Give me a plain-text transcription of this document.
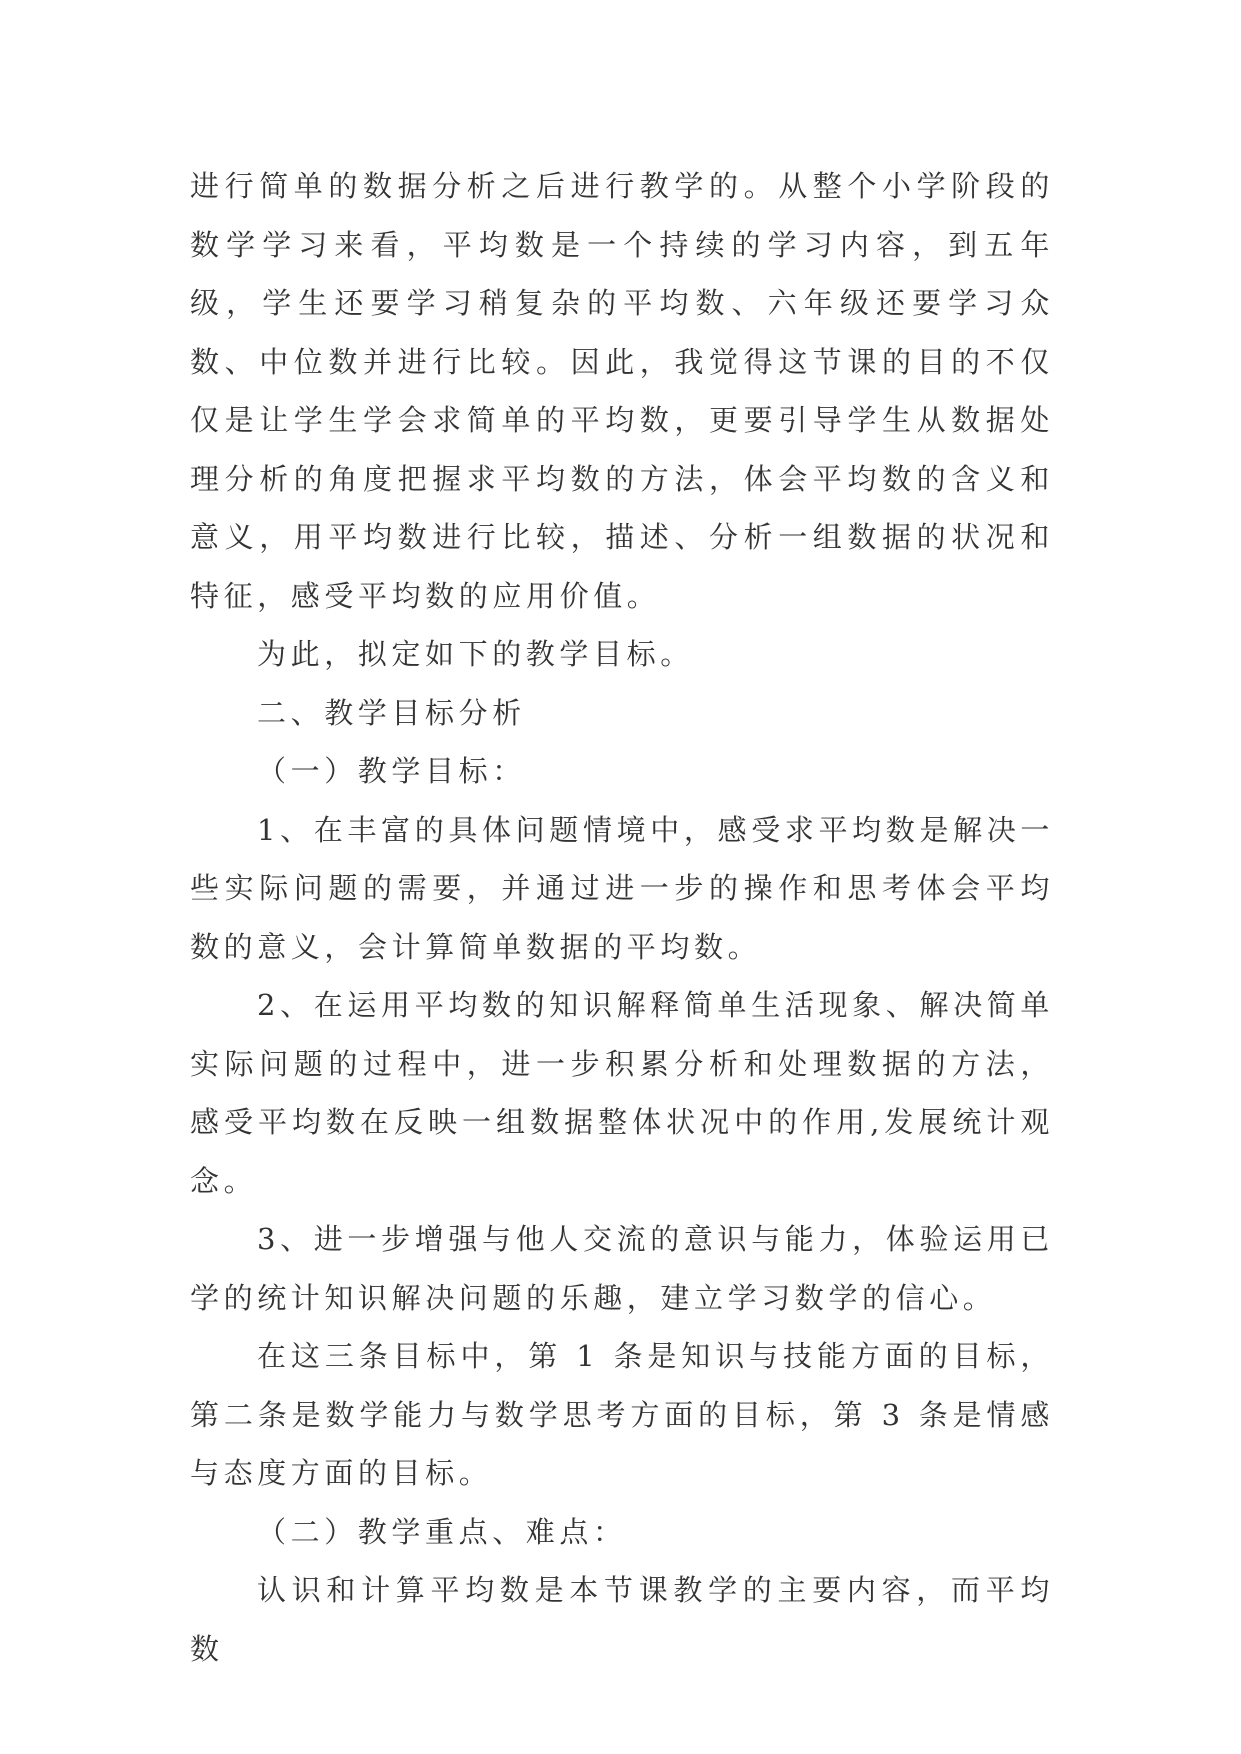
进行简单的数据分析之后进行教学的。从整个小学阶段的数学学习来看，平均数是一个持续的学习内容，到五年级，学生还要学习稍复杂的平均数、六年级还要学习众数、中位数并进行比较。因此，我觉得这节课的目的不仅仅是让学生学会求简单的平均数，更要引导学生从数据处理分析的角度把握求平均数的方法，体会平均数的含义和意义，用平均数进行比较，描述、分析一组数据的状况和特征，感受平均数的应用价值。

为此，拟定如下的教学目标。

二、教学目标分析

（一）教学目标：

1、在丰富的具体问题情境中，感受求平均数是解决一些实际问题的需要，并通过进一步的操作和思考体会平均数的意义，会计算简单数据的平均数。

2、在运用平均数的知识解释简单生活现象、解决简单实际问题的过程中，进一步积累分析和处理数据的方法，感受平均数在反映一组数据整体状况中的作用,发展统计观念。

3、进一步增强与他人交流的意识与能力，体验运用已学的统计知识解决问题的乐趣，建立学习数学的信心。

在这三条目标中，第 1 条是知识与技能方面的目标，第二条是数学能力与数学思考方面的目标，第 3 条是情感与态度方面的目标。

（二）教学重点、难点：

认识和计算平均数是本节课教学的主要内容，而平均数
